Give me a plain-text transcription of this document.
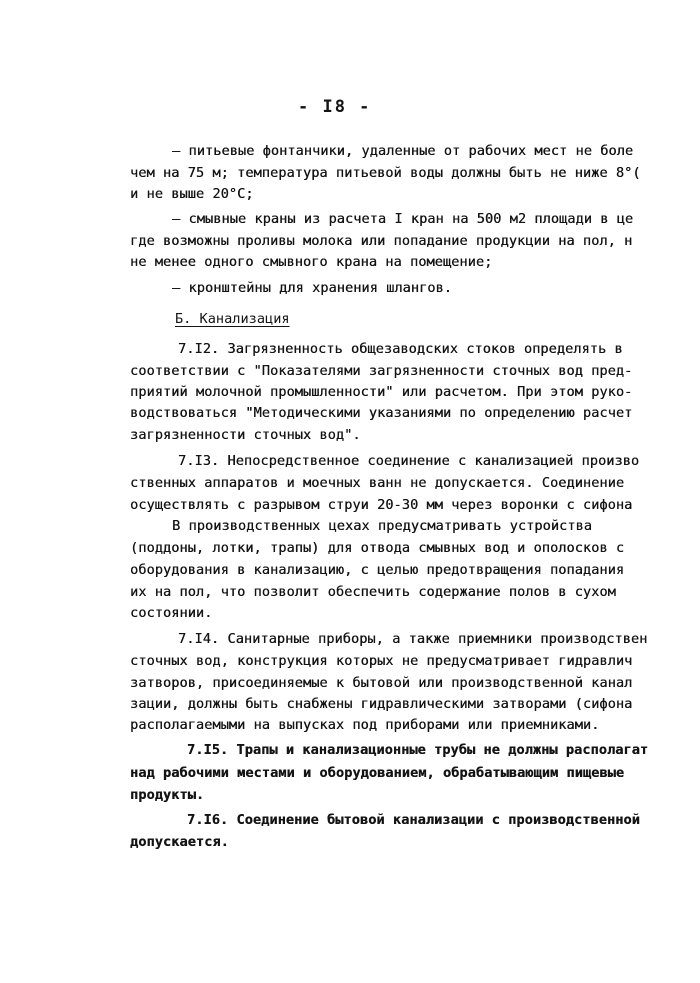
- I8 -
– питьевые фонтанчики, удаленные от рабочих мест не боле
чем на 75 м; температура питьевой воды должны быть не ниже 8°(
и не выше 20°С;
– смывные краны из расчета I кран на 500 м2 площади в це
где возможны проливы молока или попадание продукции на пол, н
не менее одного смывного крана на помещение;
– кронштейны для хранения шлангов.
Б. Канализация
7.I2. Загрязненность общезаводских стоков определять в
соответствии с "Показателями загрязненности сточных вод пред-
приятий молочной промышленности" или расчетом. При этом руко-
водствоваться "Методическими указаниями по определению расчет
загрязненности сточных вод".
7.I3. Непосредственное соединение с канализацией произво
ственных аппаратов и моечных ванн не допускается. Соединение
осуществлять с разрывом струи 20-30 мм через воронки с сифона
В производственных цехах предусматривать устройства
(поддоны, лотки, трапы) для отвода смывных вод и ополосков с
оборудования в канализацию, с целью предотвращения попадания
их на пол, что позволит обеспечить содержание полов в сухом
состоянии.
7.I4. Санитарные приборы, а также приемники производствен
сточных вод, конструкция которых не предусматривает гидравлич
затворов, присоединяемые к бытовой или производственной канал
зации, должны быть снабжены гидравлическими затворами (сифона
располагаемыми на выпусках под приборами или приемниками.
7.I5. Трапы и канализационные трубы не должны располагат
над рабочими местами и оборудованием, обрабатывающим пищевые
продукты.
7.I6. Соединение бытовой канализации с производственной
допускается.
